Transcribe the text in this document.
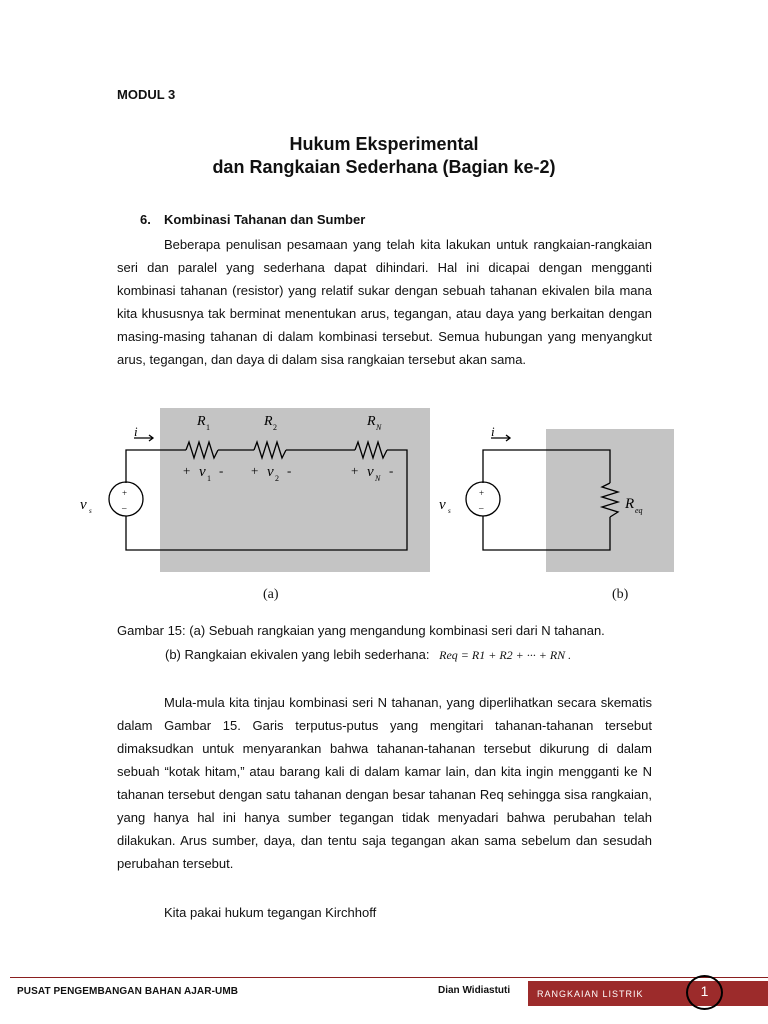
MODUL 3
Hukum Eksperimental
dan Rangkaian Sederhana (Bagian ke-2)
6. Kombinasi Tahanan dan Sumber

Beberapa penulisan pesamaan yang telah kita lakukan untuk rangkaian-rangkaian seri dan paralel yang sederhana dapat dihindari. Hal ini dicapai dengan mengganti kombinasi tahanan (resistor) yang relatif sukar dengan sebuah tahanan ekivalen bila mana kita khususnya tak berminat menentukan arus, tegangan, atau daya yang berkaitan dengan masing-masing tahanan di dalam kombinasi tersebut. Semua hubungan yang menyangkut arus, tegangan, dan daya di dalam sisa rangkaian tersebut akan sama.

i
+
–
v s
R 1	R 2	R N
+ v 1
- + v 2
-	+ v N
-
i
+
–
v s	R eq
(a)	(b)
Gambar 15: (a) Sebuah rangkaian yang mengandung kombinasi seri dari N tahanan.
(b) Rangkaian ekivalen yang lebih sederhana: Req = R1 + R2 + ··· + RN .

Mula-mula kita tinjau kombinasi seri N tahanan, yang diperlihatkan secara skematis dalam Gambar 15. Garis terputus-putus yang mengitari tahanan-tahanan tersebut dimaksudkan untuk menyarankan bahwa tahanan-tahanan tersebut dikurung di dalam sebuah “kotak hitam,” atau barang kali di dalam kamar lain, dan kita ingin mengganti ke N tahanan tersebut dengan satu tahanan dengan besar tahanan Req sehingga sisa rangkaian, yang hanya hal ini hanya sumber tegangan tidak menyadari bahwa perubahan telah dilakukan. Arus sumber, daya, dan tentu saja tegangan akan sama sebelum dan sesudah perubahan tersebut.

Kita pakai hukum tegangan Kirchhoff

PUSAT PENGEMBANGAN BAHAN AJAR-UMB	Dian Widiastuti	RANGKAIAN LISTRIK	1
